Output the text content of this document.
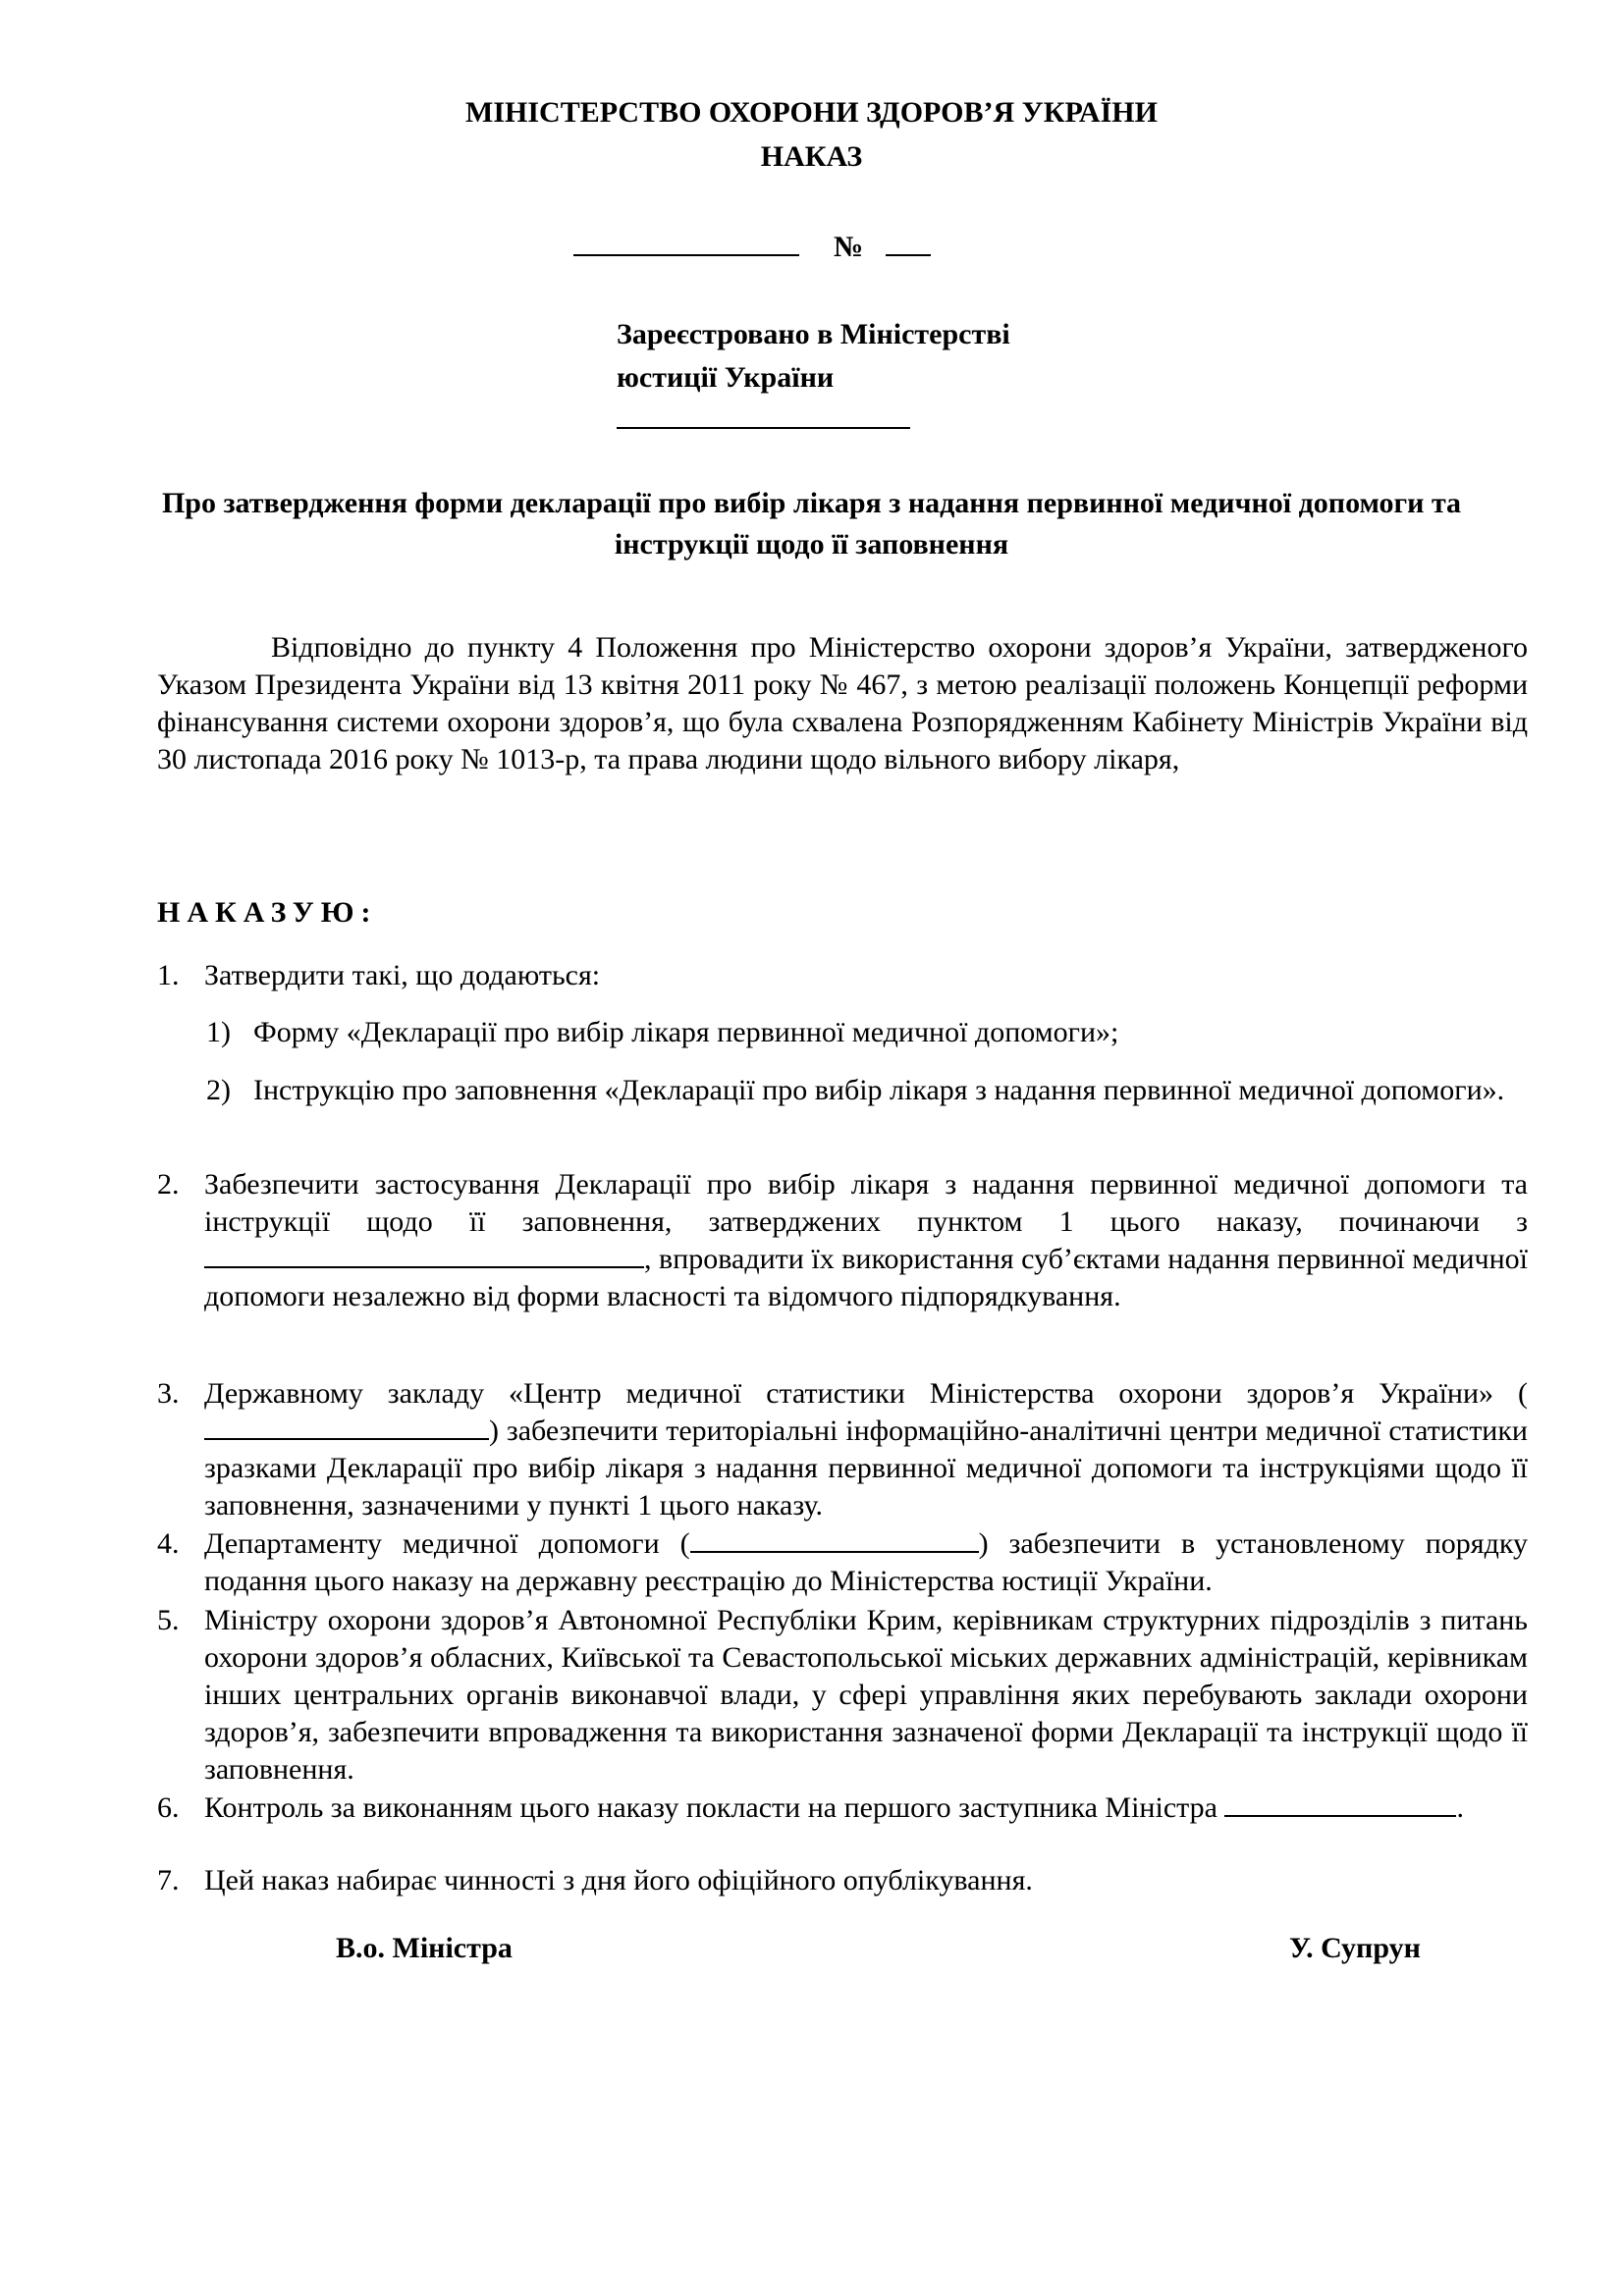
МІНІСТЕРСТВО ОХОРОНИ ЗДОРОВ’Я УКРАЇНИ
НАКАЗ
№
Зареєстровано в Міністерстві
юстиції України
Про затвердження форми декларації про вибір лікаря з надання первинної медичної допомоги та інструкції щодо її заповнення
Відповідно до пункту 4 Положення про Міністерство охорони здоров’я України, затвердженого Указом Президента України від 13 квітня 2011 року № 467, з метою реалізації положень Концепції реформи фінансування системи охорони здоров’я, що була схвалена Розпорядженням Кабінету Міністрів України від 30 листопада 2016 року № 1013-р, та права людини щодо вільного вибору лікаря,
НАКАЗУЮ:
1. Затвердити такі, що додаються:
1) Форму «Декларації про вибір лікаря первинної медичної допомоги»;
2) Інструкцію про заповнення «Декларації про вибір лікаря з надання первинної медичної допомоги».
2. Забезпечити застосування Декларації про вибір лікаря з надання первинної медичної допомоги та інструкції щодо її заповнення, затверджених пунктом 1 цього наказу, починаючи з , впровадити їх використання суб’єктами надання первинної медичної допомоги незалежно від форми власності та відомчого підпорядкування.
3. Державному закладу «Центр медичної статистики Міністерства охорони здоров’я України» () забезпечити територіальні інформаційно-аналітичні центри медичної статистики зразками Декларації про вибір лікаря з надання первинної медичної допомоги та інструкціями щодо її заповнення, зазначеними у пункті 1 цього наказу.
4. Департаменту медичної допомоги (	) забезпечити в установленому порядку подання цього наказу на державну реєстрацію до Міністерства юстиції України.
5. Міністру охорони здоров’я Автономної Республіки Крим, керівникам структурних підрозділів з питань охорони здоров’я обласних, Київської та Севастопольської міських державних адміністрацій, керівникам інших центральних органів виконавчої влади, у сфері управління яких перебувають заклади охорони здоров’я, забезпечити впровадження та використання зазначеної форми Декларації та інструкції щодо її заповнення.
6. Контроль за виконанням цього наказу покласти на першого заступника Міністра	.
7. Цей наказ набирає чинності з дня його офіційного опублікування.
В.о. Міністра	У. Супрун
